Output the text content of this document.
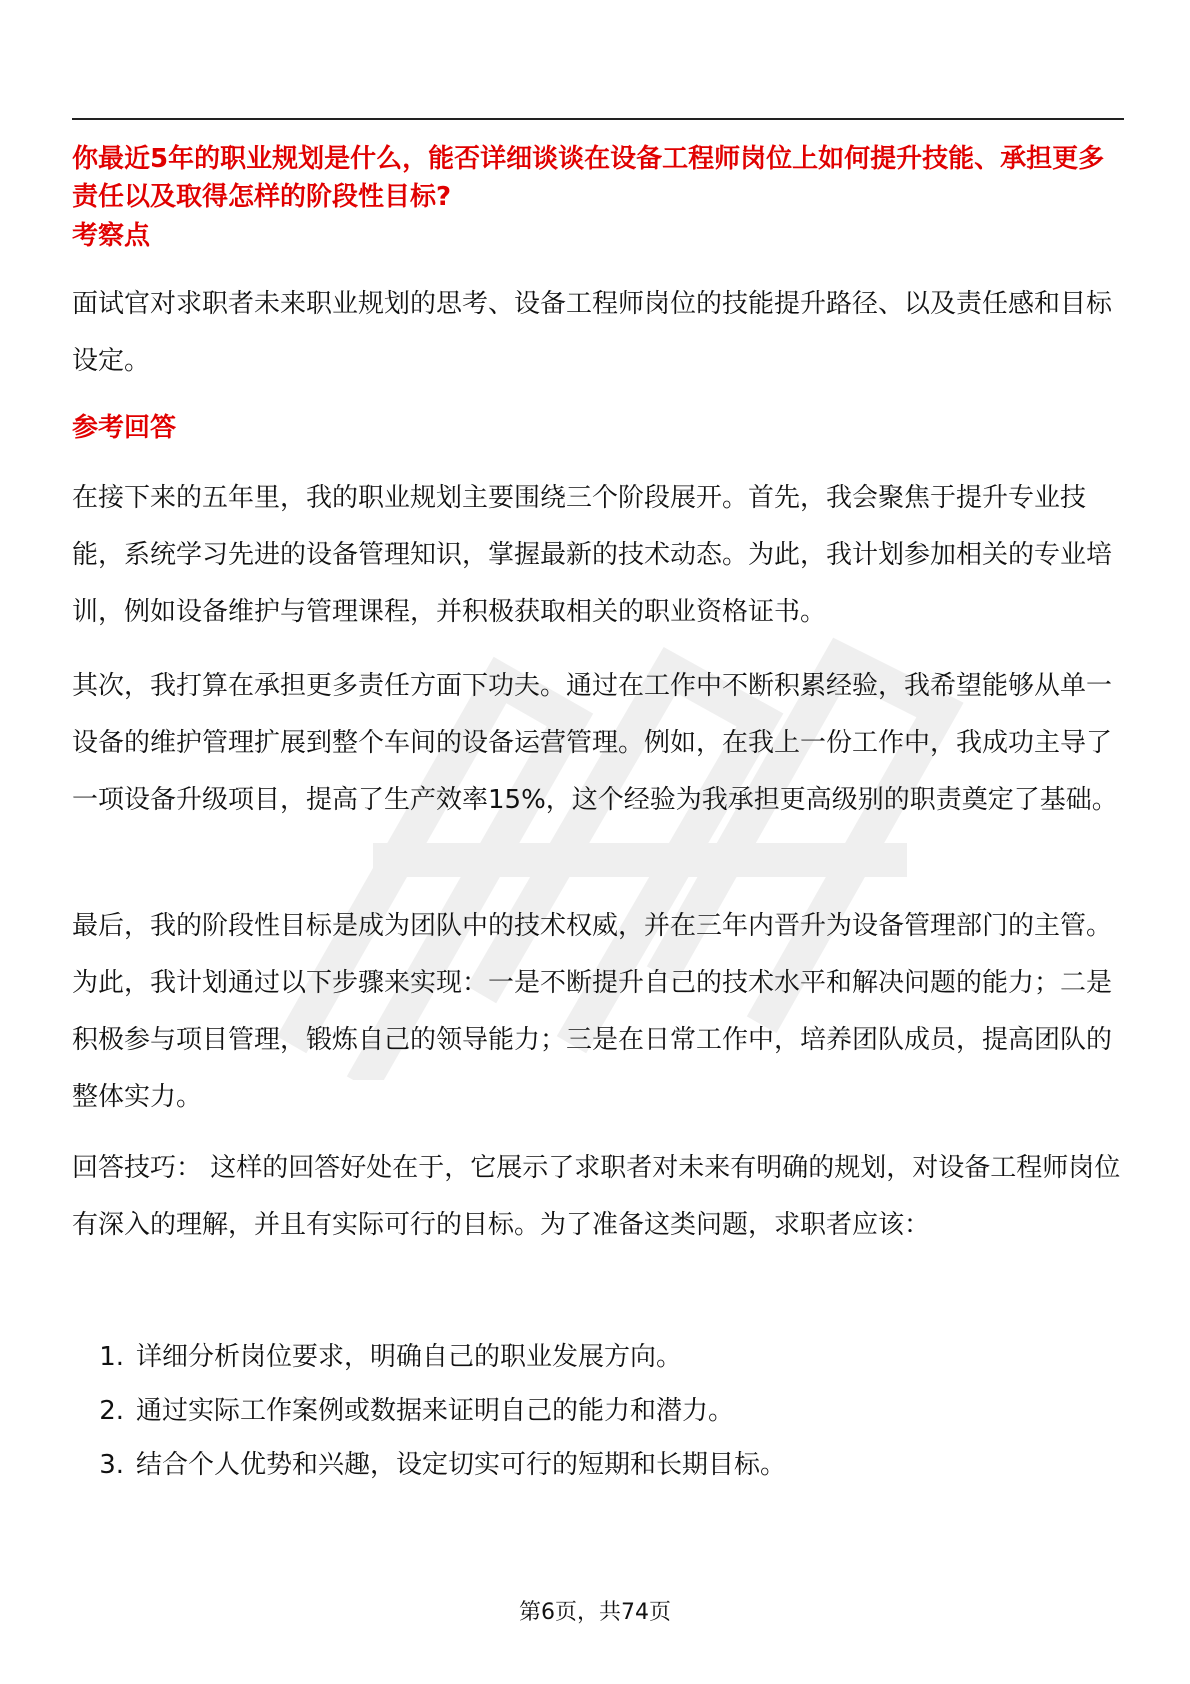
你最近5年的职业规划是什么，能否详细谈谈在设备工程师岗位上如何提升技能、承担更多责任以及取得怎样的阶段性目标?
考察点
面试官对求职者未来职业规划的思考、设备工程师岗位的技能提升路径、以及责任感和目标设定。
参考回答
在接下来的五年里，我的职业规划主要围绕三个阶段展开。首先，我会聚焦于提升专业技能，系统学习先进的设备管理知识，掌握最新的技术动态。为此，我计划参加相关的专业培训，例如设备维护与管理课程，并积极获取相关的职业资格证书。
其次，我打算在承担更多责任方面下功夫。通过在工作中不断积累经验，我希望能够从单一设备的维护管理扩展到整个车间的设备运营管理。例如，在我上一份工作中，我成功主导了一项设备升级项目，提高了生产效率15%，这个经验为我承担更高级别的职责奠定了基础。
最后，我的阶段性目标是成为团队中的技术权威，并在三年内晋升为设备管理部门的主管。为此，我计划通过以下步骤来实现：一是不断提升自己的技术水平和解决问题的能力；二是积极参与项目管理，锻炼自己的领导能力；三是在日常工作中，培养团队成员，提高团队的整体实力。
回答技巧： 这样的回答好处在于，它展示了求职者对未来有明确的规划，对设备工程师岗位有深入的理解，并且有实际可行的目标。为了准备这类问题，求职者应该：
1. 详细分析岗位要求，明确自己的职业发展方向。
2. 通过实际工作案例或数据来证明自己的能力和潜力。
3. 结合个人优势和兴趣，设定切实可行的短期和长期目标。
第6页，共74页
